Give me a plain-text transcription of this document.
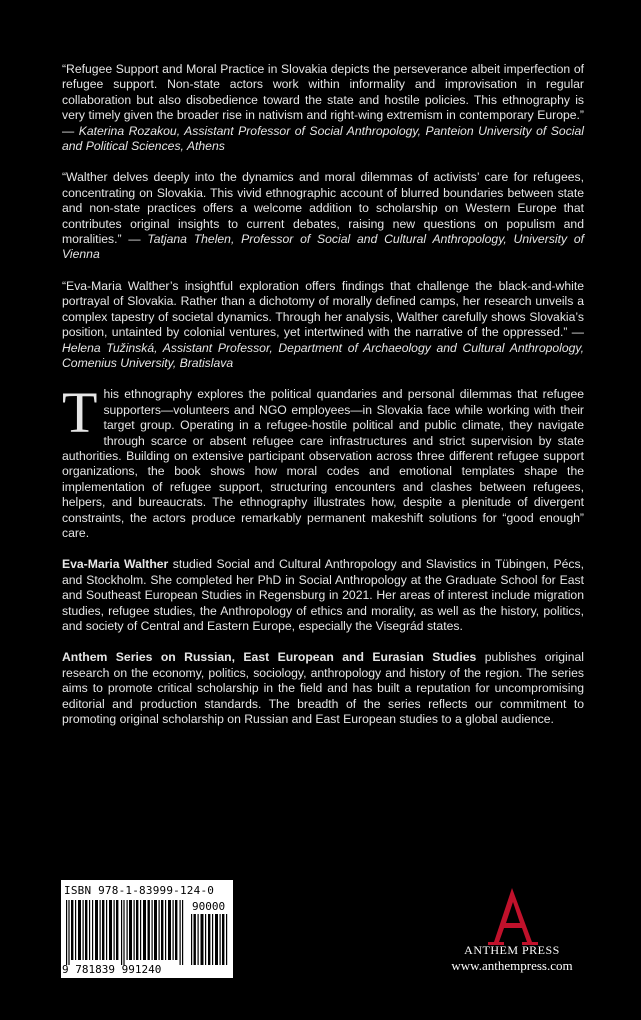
“Refugee Support and Moral Practice in Slovakia depicts the perseverance albeit imperfection of refugee support. Non-state actors work within informality and improvisation in regular collaboration but also disobedience toward the state and hostile policies. This ethnography is very timely given the broader rise in nativism and right-wing extremism in contemporary Europe.” — Katerina Rozakou, Assistant Professor of Social Anthropology, Panteion University of Social and Political Sciences, Athens

“Walther delves deeply into the dynamics and moral dilemmas of activists’ care for refugees, concentrating on Slovakia. This vivid ethnographic account of blurred boundaries between state and non-state practices offers a welcome addition to scholarship on Western Europe that contributes original insights to current debates, raising new questions on populism and moralities.” — Tatjana Thelen, Professor of Social and Cultural Anthropology, University of Vienna

“Eva-Maria Walther’s insightful exploration offers findings that challenge the black-and-white portrayal of Slovakia. Rather than a dichotomy of morally defined camps, her research unveils a complex tapestry of societal dynamics. Through her analysis, Walther carefully shows Slovakia’s position, untainted by colonial ventures, yet intertwined with the narrative of the oppressed.” — Helena Tužinská, Assistant Professor, Department of Archaeology and Cultural Anthropology, Comenius University, Bratislava

This ethnography explores the political quandaries and personal dilemmas that refugee supporters—volunteers and NGO employees—in Slovakia face while working with their target group. Operating in a refugee-hostile political and public climate, they navigate through scarce or absent refugee care infrastructures and strict supervision by state authorities. Building on extensive participant observation across three different refugee support organizations, the book shows how moral codes and emotional templates shape the implementation of refugee support, structuring encounters and clashes between refugees, helpers, and bureaucrats. The ethnography illustrates how, despite a plenitude of divergent constraints, the actors produce remarkably permanent makeshift solutions for “good enough” care.

Eva-Maria Walther studied Social and Cultural Anthropology and Slavistics in Tübingen, Pécs, and Stockholm. She completed her PhD in Social Anthropology at the Graduate School for East and Southeast European Studies in Regensburg in 2021. Her areas of interest include migration studies, refugee studies, the Anthropology of ethics and morality, as well as the history, politics, and society of Central and Eastern Europe, especially the Visegrád states.

Anthem Series on Russian, East European and Eurasian Studies publishes original research on the economy, politics, sociology, anthropology and history of the region. The series aims to promote critical scholarship in the field and has built a reputation for uncompromising editorial and production standards. The breadth of the series reflects our commitment to promoting original scholarship on Russian and East European studies to a global audience.

ISBN 978-1-83999-124-0
90000
9 781839 991240
ANTHEM PRESS
www.anthempress.com
